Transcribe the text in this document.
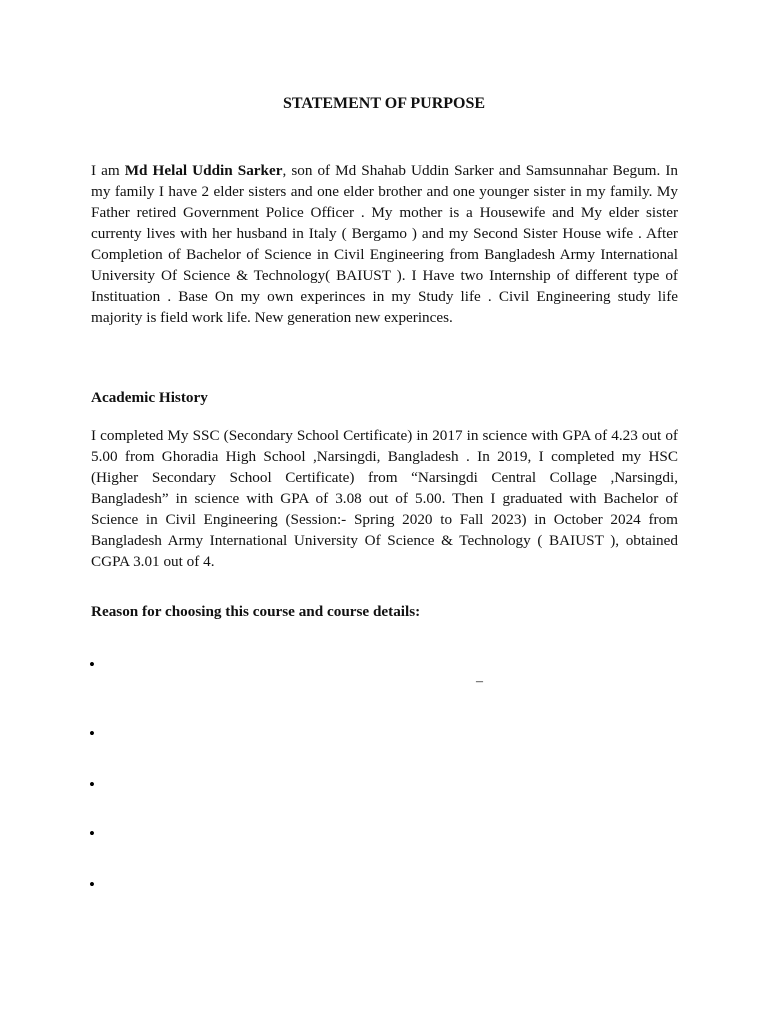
STATEMENT OF PURPOSE

I am Md Helal Uddin Sarker, son of Md Shahab Uddin Sarker and Samsunnahar Begum. In my family I have 2 elder sisters and one elder brother and one younger sister in my family. My Father retired Government Police Officer . My mother is a Housewife and My elder sister currenty lives with her husband in Italy ( Bergamo ) and my Second Sister House wife . After Completion of Bachelor of Science in Civil Engineering from Bangladesh Army International University Of Science & Technology( BAIUST ). I Have two Internship of different type of Instituation . Base On my own experinces in my Study life . Civil Engineering study life majority is field work life. New generation new experinces.

Academic History

I completed My SSC (Secondary School Certificate) in 2017 in science with GPA of 4.23 out of 5.00 from Ghoradia High School ,Narsingdi, Bangladesh . In 2019, I completed my HSC (Higher Secondary School Certificate) from “Narsingdi Central Collage ,Narsingdi, Bangladesh” in science with GPA of 3.08 out of 5.00. Then I graduated with Bachelor of Science in Civil Engineering (Session:- Spring 2020 to Fall 2023) in October 2024 from Bangladesh Army International University Of Science & Technology ( BAIUST ), obtained CGPA 3.01 out of 4.

Reason for choosing this course and course details:
•
–
•
•
•
•
